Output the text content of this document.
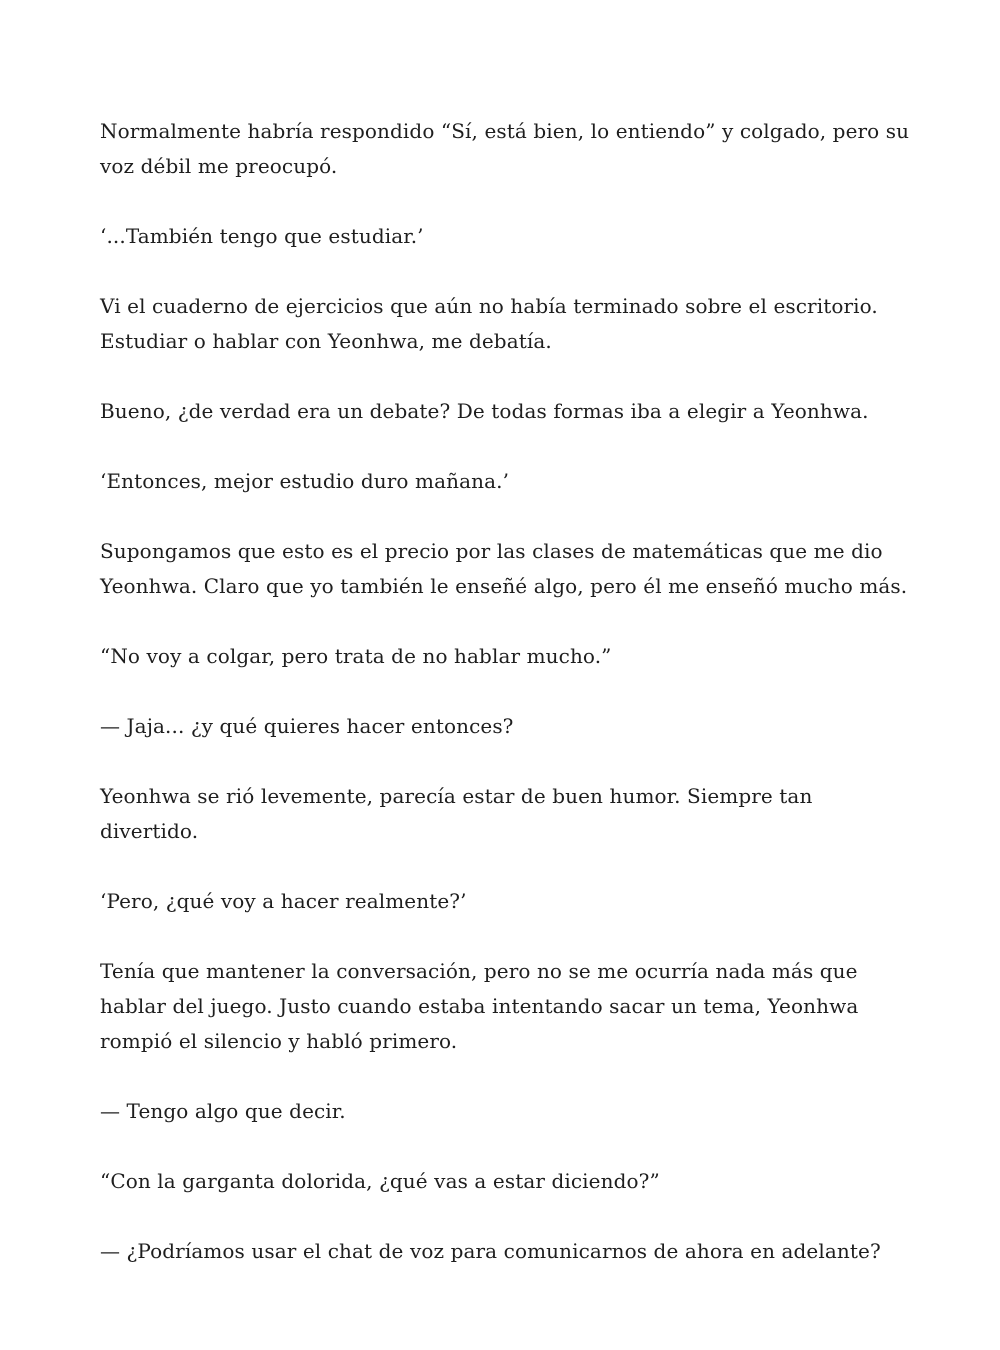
Normalmente habría respondido “Sí, está bien, lo entiendo” y colgado, pero su voz débil me preocupó.

‘...También tengo que estudiar.’

Vi el cuaderno de ejercicios que aún no había terminado sobre el escritorio. Estudiar o hablar con Yeonhwa, me debatía.

Bueno, ¿de verdad era un debate? De todas formas iba a elegir a Yeonhwa.

‘Entonces, mejor estudio duro mañana.’

Supongamos que esto es el precio por las clases de matemáticas que me dio Yeonhwa. Claro que yo también le enseñé algo, pero él me enseñó mucho más.

“No voy a colgar, pero trata de no hablar mucho.”

— Jaja... ¿y qué quieres hacer entonces?

Yeonhwa se rió levemente, parecía estar de buen humor. Siempre tan divertido.

‘Pero, ¿qué voy a hacer realmente?’

Tenía que mantener la conversación, pero no se me ocurría nada más que hablar del juego. Justo cuando estaba intentando sacar un tema, Yeonhwa rompió el silencio y habló primero.

— Tengo algo que decir.

“Con la garganta dolorida, ¿qué vas a estar diciendo?”

— ¿Podríamos usar el chat de voz para comunicarnos de ahora en adelante?
